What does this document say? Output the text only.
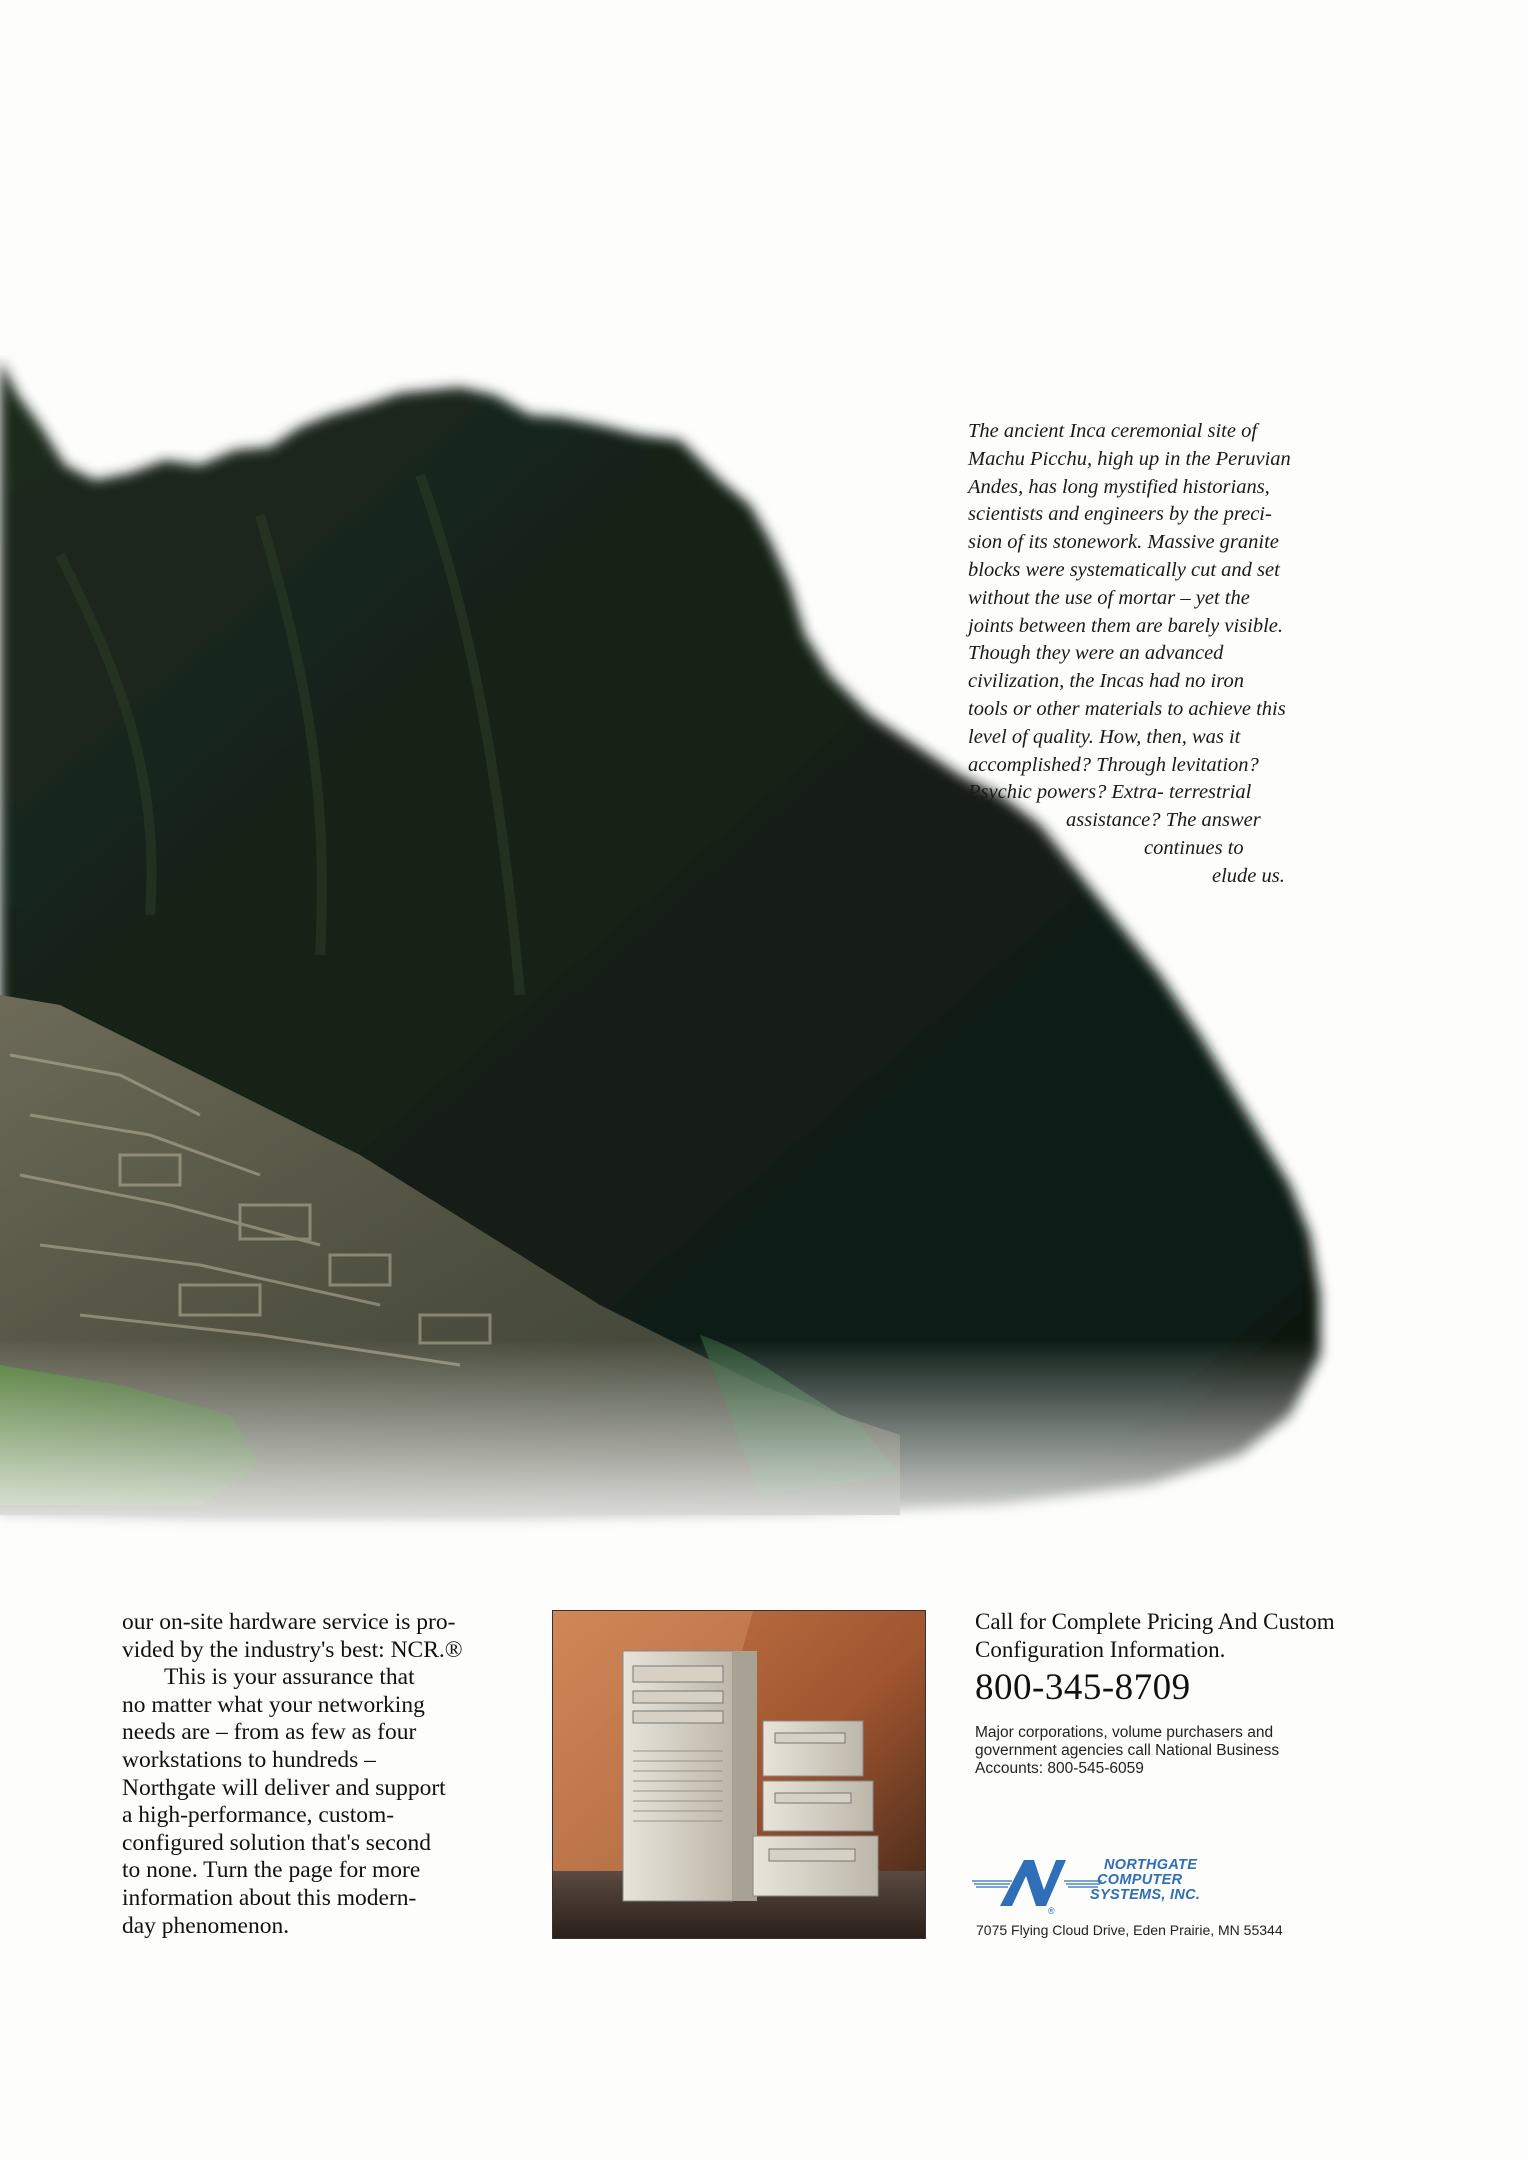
The ancient Inca ceremonial site of
Machu Picchu, high up in the Peruvian
Andes, has long mystified historians,
scientists and engineers by the preci-
sion of its stonework. Massive granite
blocks were systematically cut and set
without the use of mortar – yet the
joints between them are barely visible.
Though they were an advanced
civilization, the Incas had no iron
tools or other materials to achieve this
level of quality. How, then, was it
accomplished? Through levitation?
Psychic powers? Extra- terrestrial
assistance? The answer
continues to
elude us.
our on-site hardware service is pro-
vided by the industry's best: NCR.®
This is your assurance that
no matter what your networking
needs are – from as few as four
workstations to hundreds –
Northgate will deliver and support
a high-performance, custom-
configured solution that's second
to none. Turn the page for more
information about this modern-
day phenomenon.
Call for Complete Pricing And Custom
Configuration Information.
800-345-8709
Major corporations, volume purchasers and
government agencies call National Business
Accounts: 800-545-6059
®
NORTHGATE
COMPUTER
SYSTEMS, INC.
7075 Flying Cloud Drive, Eden Prairie, MN 55344
